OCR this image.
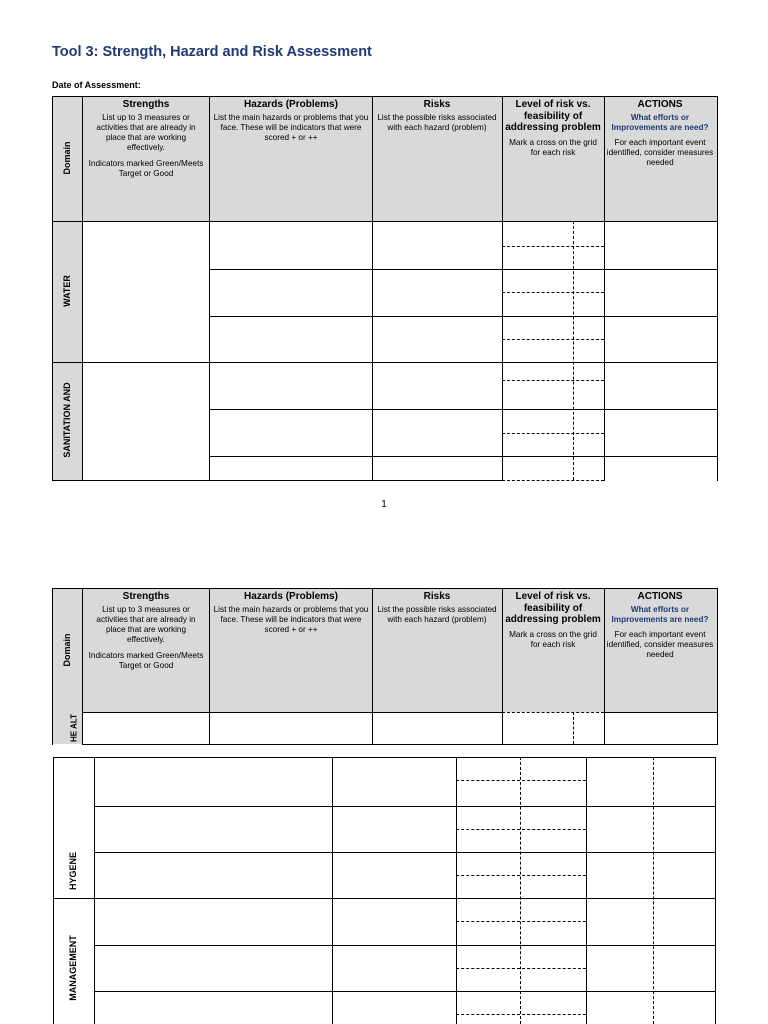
Tool 3: Strength, Hazard and Risk Assessment
Date of Assessment:
Domain
Strengths
List up to 3 measures or activities that are already in place that are working effectively.
Indicators marked Green/Meets Target or Good
Hazards (Problems)
List the main hazards or problems that you face. These will be indicators that were scored + or ++
Risks
List the possible risks associated with each hazard (problem)
Level of risk vs. feasibility of addressing problem
Mark a cross on the grid for each risk
ACTIONS
What efforts or Improvements are need?
For each important event identified, consider measures needed
WATER
SANITATION AND
1
Domain
Strengths
List up to 3 measures or activities that are already in place that are working effectively.
Indicators marked Green/Meets Target or Good
Hazards (Problems)
List the main hazards or problems that you face. These will be indicators that were scored + or ++
Risks
List the possible risks associated with each hazard (problem)
Level of risk vs. feasibility of addressing problem
Mark a cross on the grid for each risk
ACTIONS
What efforts or Improvements are need?
For each important event identified, consider measures needed
HE ALT
HYGENE
MANAGEMENT
